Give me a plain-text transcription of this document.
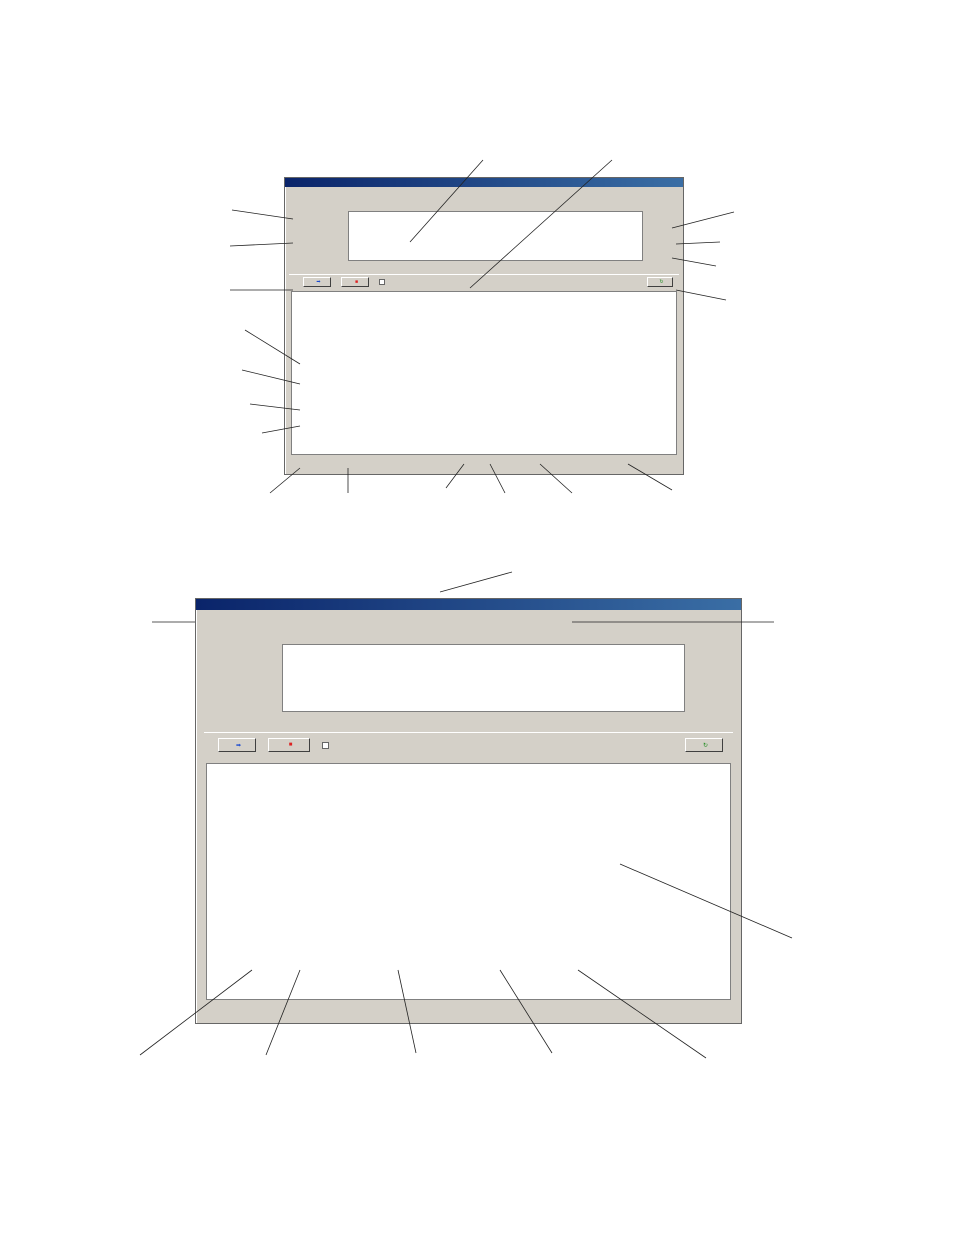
➡	■	↻
➡	■	↻
